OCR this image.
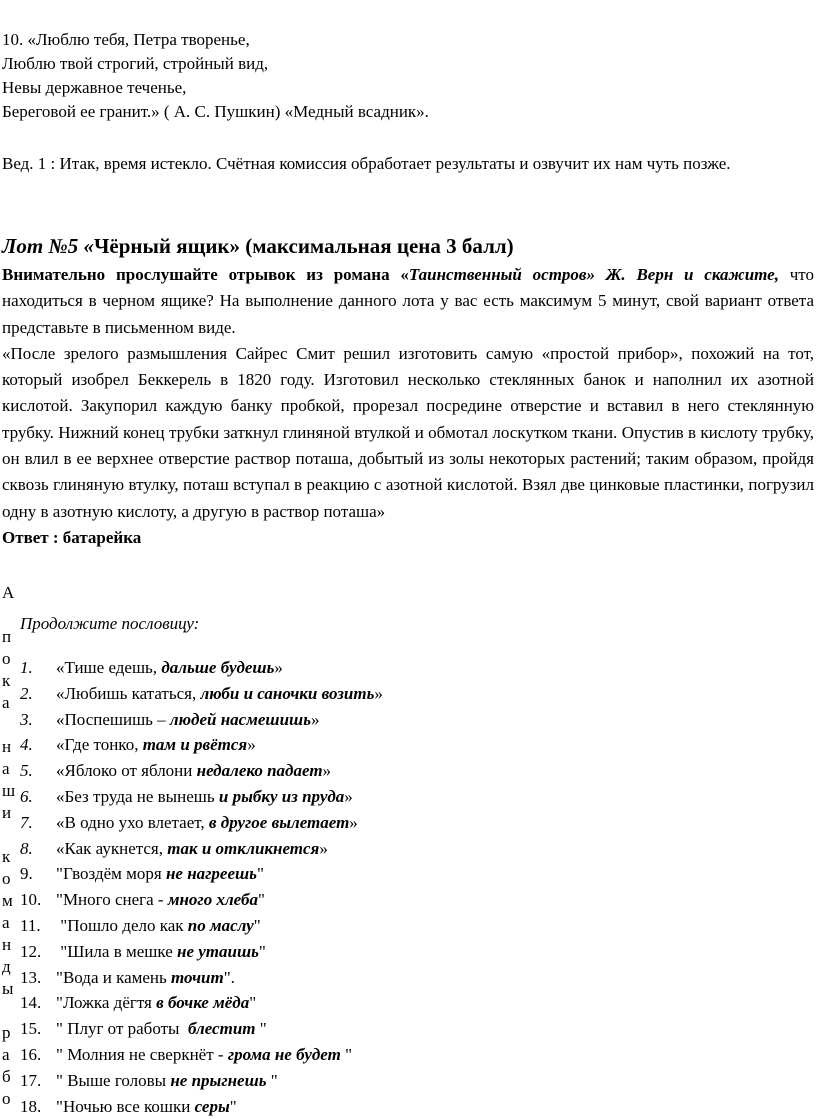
10. «Люблю тебя, Петра творенье,
Люблю твой строгий, стройный вид,
Невы державное теченье,
Береговой ее гранит.» ( А. С. Пушкин) «Медный всадник».
Вед. 1 : Итак, время истекло. Счётная комиссия обработает результаты и озвучит их нам чуть позже.
Лот №5 «Чёрный ящик» (максимальная цена 3 балл)

Внимательно прослушайте отрывок из романа «Таинственный остров» Ж. Верн и скажите, что находиться в черном ящике? На выполнение данного лота у вас есть максимум 5 минут, свой вариант ответа представьте в письменном виде.

«После зрелого размышления Сайрес Смит решил изготовить самую «простой прибор», похожий на тот, который изобрел Беккерель в 1820 году. Изготовил несколько стеклянных банок и наполнил их азотной кислотой. Закупорил каждую банку пробкой, прорезал посредине отверстие и вставил в него стеклянную трубку. Нижний конец трубки заткнул глиняной втулкой и обмотал лоскутком ткани. Опустив в кислоту трубку, он влил в ее верхнее отверстие раствор поташа, добытый из золы некоторых растений; таким образом, пройдя сквозь глиняную втулку, поташ вступал в реакцию с азотной кислотой. Взял две цинковые пластинки, погрузил одну в азотную кислоту, а другую в раствор поташа»

Ответ : батарейка

А
п
о
к
а
н
а
ш
и
к
о
м
а
н
д
ы
р
а
б
о
Продолжите пословицу:
1. «Тише едешь, дальше будешь»
2. «Любишь кататься, люби и саночки возить»
3. «Поспешишь – людей насмешишь»
4. «Где тонко, там и рвётся»
5. «Яблоко от яблони недалеко падает»
6. «Без труда не вынешь и рыбку из пруда»
7. «В одно ухо влетает, в другое вылетает»
8. «Как аукнется, так и откликнется»
9. "Гвоздём моря не нагреешь"
10. "Много снега - много хлеба"
11. "Пошло дело как по маслу"
12. "Шила в мешке не утаишь"
13. "Вода и камень точит".
14. "Ложка дёгтя в бочке мёда"
15. " Плуг от работы  блестит "
16. " Молния не сверкнёт - грома не будет "
17. " Выше головы не прыгнешь "
18. "Ночью все кошки серы"
